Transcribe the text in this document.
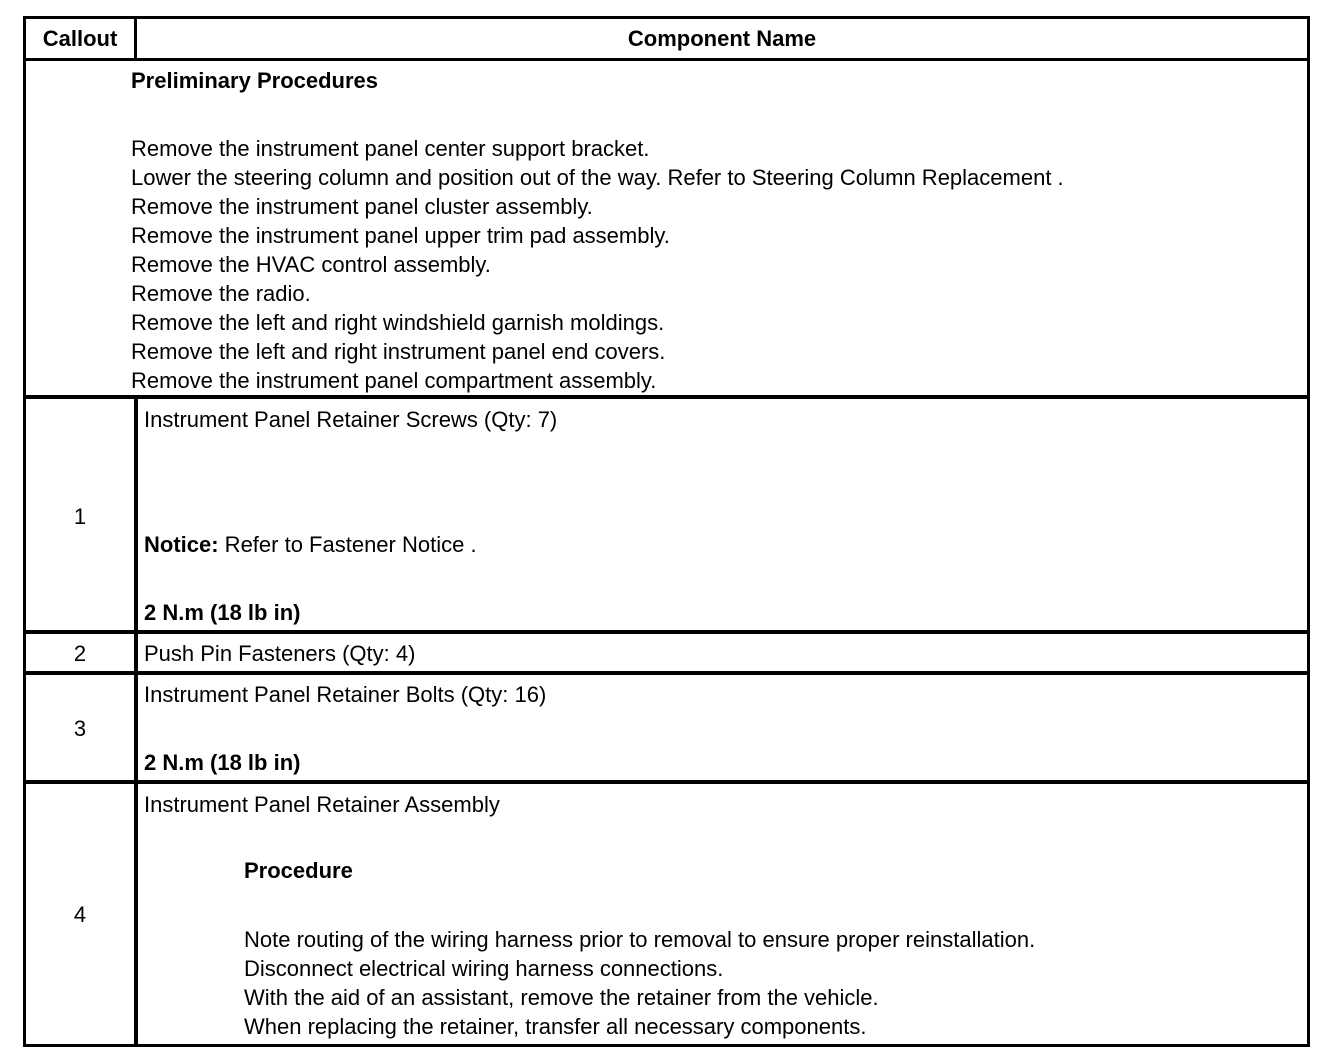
Callout	Component Name
Preliminary Procedures
Remove the instrument panel center support bracket.
Lower the steering column and position out of the way. Refer to Steering Column Replacement .
Remove the instrument panel cluster assembly.
Remove the instrument panel upper trim pad assembly.
Remove the HVAC control assembly.
Remove the radio.
Remove the left and right windshield garnish moldings.
Remove the left and right instrument panel end covers.
Remove the instrument panel compartment assembly.
1
Instrument Panel Retainer Screws (Qty: 7)
Notice: Refer to Fastener Notice .
2 N.m (18 lb in)
2	Push Pin Fasteners (Qty: 4)
3
Instrument Panel Retainer Bolts (Qty: 16)
2 N.m (18 lb in)
4
Instrument Panel Retainer Assembly
Procedure
Note routing of the wiring harness prior to removal to ensure proper reinstallation.
Disconnect electrical wiring harness connections.
With the aid of an assistant, remove the retainer from the vehicle.
When replacing the retainer, transfer all necessary components.
